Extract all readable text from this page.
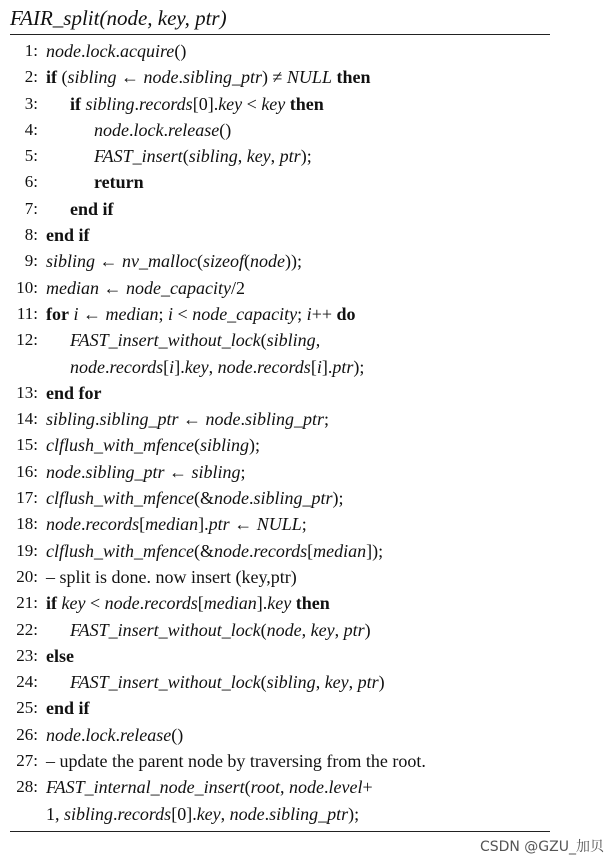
FAIR_split(node, key, ptr)
1: node.lock.acquire()
2: if (sibling ← node.sibling_ptr) ≠ NULL then
3:	if sibling.records[0].key < key then
4:	node.lock.release()
5:	FAST_insert(sibling, key, ptr);
6:	return
7:	end if
8: end if
9: sibling ← nv_malloc(sizeof(node));
10: median ← node_capacity/2
11: for i ← median; i < node_capacity; i++ do
12:	FAST_insert_without_lock(sibling,
node.records[i].key, node.records[i].ptr);
13: end for
14: sibling.sibling_ptr ← node.sibling_ptr;
15: clflush_with_mfence(sibling);
16: node.sibling_ptr ← sibling;
17: clflush_with_mfence(&node.sibling_ptr);
18: node.records[median].ptr ← NULL;
19: clflush_with_mfence(&node.records[median]);
20: – split is done. now insert (key,ptr)
21: if key < node.records[median].key then
22:	FAST_insert_without_lock(node, key, ptr)
23: else
24:	FAST_insert_without_lock(sibling, key, ptr)
25: end if
26: node.lock.release()
27: – update the parent node by traversing from the root.
28: FAST_internal_node_insert(root, node.level+
1, sibling.records[0].key, node.sibling_ptr);
CSDN @GZU_加贝
